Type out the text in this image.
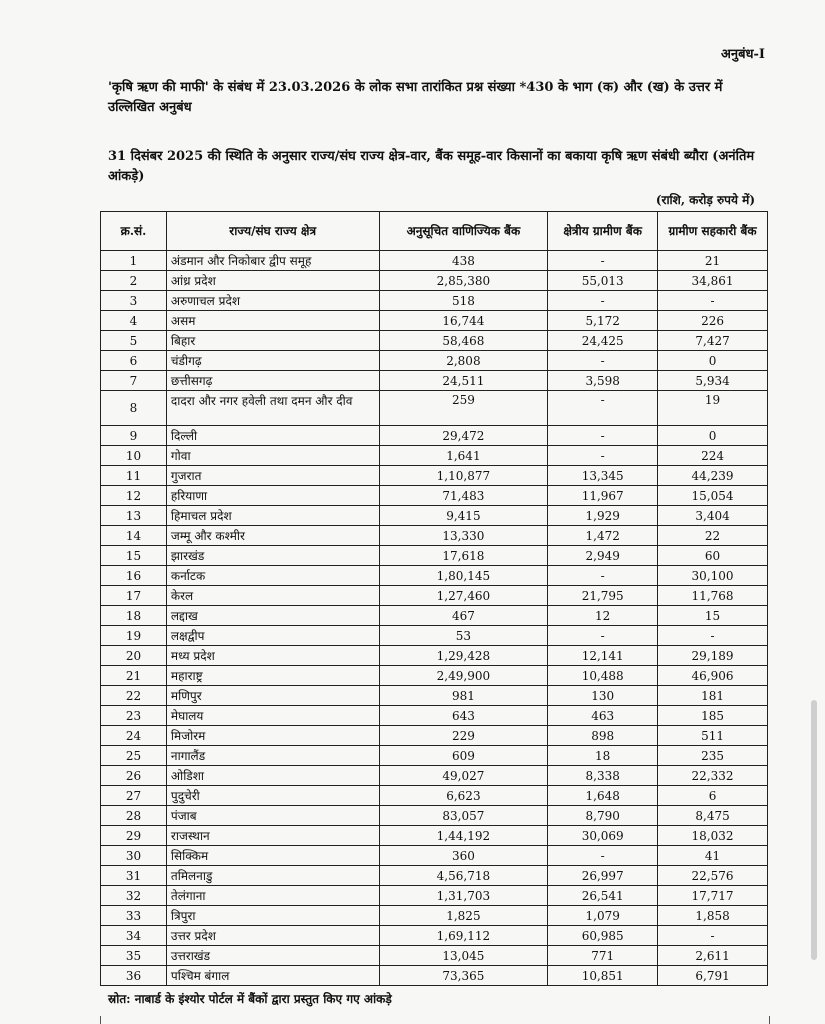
अनुबंध-I
'कृषि ऋण की माफी' के संबंध में 23.03.2026 के लोक सभा तारांकित प्रश्न संख्या *430 के भाग (क) और (ख) के उत्तर में उल्लिखित अनुबंध
31 दिसंबर 2025 की स्थिति के अनुसार राज्य/संघ राज्य क्षेत्र-वार, बैंक समूह-वार किसानों का बकाया कृषि ऋण संबंधी ब्यौरा (अनंतिम आंकड़े)
(राशि, करोड़ रुपये में)
क्र.सं.	राज्य/संघ राज्य क्षेत्र	अनुसूचित वाणिज्यिक बैंक	क्षेत्रीय ग्रामीण बैंक	ग्रामीण सहकारी बैंक
1	अंडमान और निकोबार द्वीप समूह	438	-	21
2	आंध्र प्रदेश	2,85,380	55,013	34,861
3	अरुणाचल प्रदेश	518	-	-
4	असम	16,744	5,172	226
5	बिहार	58,468	24,425	7,427
6	चंडीगढ़	2,808	-	0
7	छत्तीसगढ़	24,511	3,598	5,934
8	दादरा और नगर हवेली तथा दमन और दीव	259	-	19
9	दिल्ली	29,472	-	0
10	गोवा	1,641	-	224
11	गुजरात	1,10,877	13,345	44,239
12	हरियाणा	71,483	11,967	15,054
13	हिमाचल प्रदेश	9,415	1,929	3,404
14	जम्मू और कश्मीर	13,330	1,472	22
15	झारखंड	17,618	2,949	60
16	कर्नाटक	1,80,145	-	30,100
17	केरल	1,27,460	21,795	11,768
18	लद्दाख	467	12	15
19	लक्षद्वीप	53	-	-
20	मध्य प्रदेश	1,29,428	12,141	29,189
21	महाराष्ट्र	2,49,900	10,488	46,906
22	मणिपुर	981	130	181
23	मेघालय	643	463	185
24	मिजोरम	229	898	511
25	नागालैंड	609	18	235
26	ओडिशा	49,027	8,338	22,332
27	पुदुचेरी	6,623	1,648	6
28	पंजाब	83,057	8,790	8,475
29	राजस्थान	1,44,192	30,069	18,032
30	सिक्किम	360	-	41
31	तमिलनाडु	4,56,718	26,997	22,576
32	तेलंगाना	1,31,703	26,541	17,717
33	त्रिपुरा	1,825	1,079	1,858
34	उत्तर प्रदेश	1,69,112	60,985	-
35	उत्तराखंड	13,045	771	2,611
36	पश्चिम बंगाल	73,365	10,851	6,791
स्रोत: नाबार्ड के इंश्योर पोर्टल में बैंकों द्वारा प्रस्तुत किए गए आंकड़े
